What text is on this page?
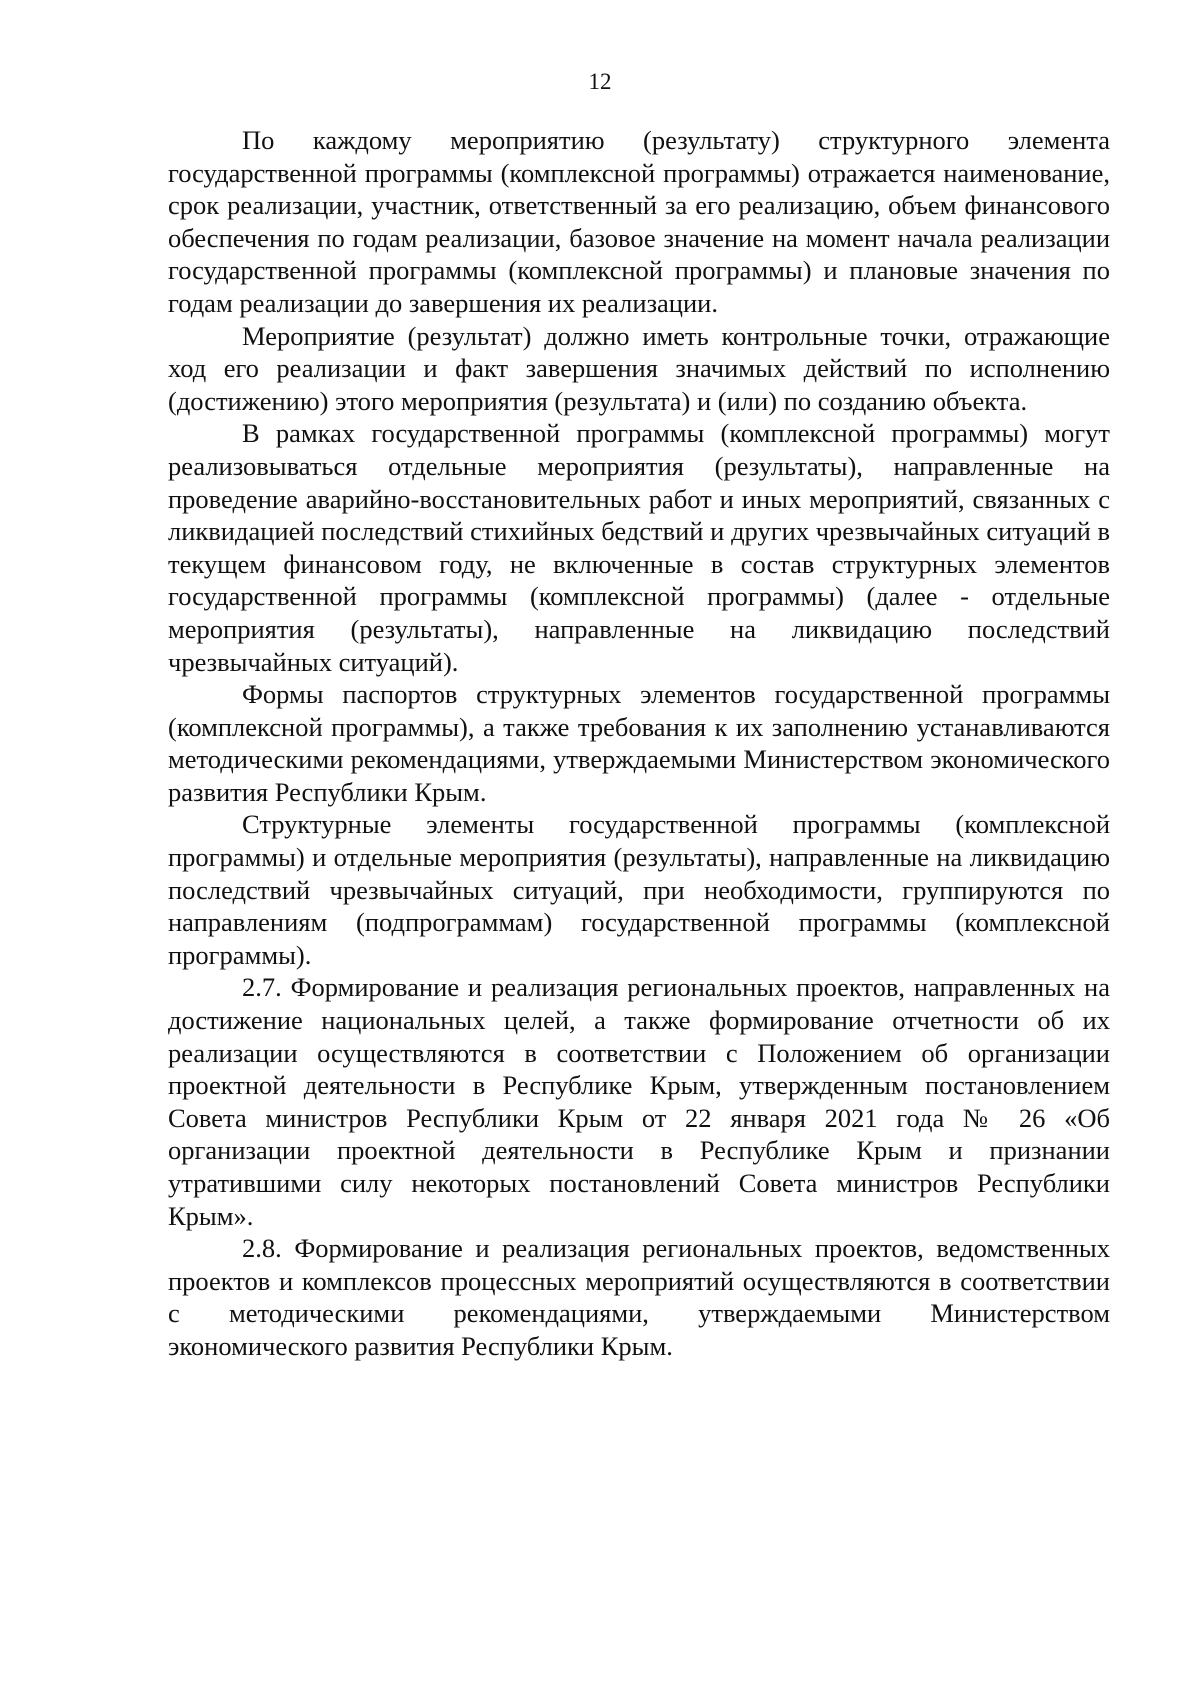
12

По каждому мероприятию (результату) структурного элемента государственной программы (комплексной программы) отражается наименование, срок реализации, участник, ответственный за его реализацию, объем финансового обеспечения по годам реализации, базовое значение на момент начала реализации государственной программы (комплексной программы) и плановые значения по годам реализации до завершения их реализации.

Мероприятие (результат) должно иметь контрольные точки, отражающие ход его реализации и факт завершения значимых действий по исполнению (достижению) этого мероприятия (результата) и (или) по созданию объекта.

В рамках государственной программы (комплексной программы) могут реализовываться отдельные мероприятия (результаты), направленные на проведение аварийно-восстановительных работ и иных мероприятий, связанных с ликвидацией последствий стихийных бедствий и других чрезвычайных ситуаций в текущем финансовом году, не включенные в состав структурных элементов государственной программы (комплексной программы) (далее - отдельные мероприятия (результаты), направленные на ликвидацию последствий чрезвычайных ситуаций).

Формы паспортов структурных элементов государственной программы (комплексной программы), а также требования к их заполнению устанавливаются методическими рекомендациями, утверждаемыми Министерством экономического развития Республики Крым.

Структурные элементы государственной программы (комплексной программы) и отдельные мероприятия (результаты), направленные на ликвидацию последствий чрезвычайных ситуаций, при необходимости, группируются по направлениям (подпрограммам) государственной программы (комплексной программы).

2.7. Формирование и реализация региональных проектов, направленных на достижение национальных целей, а также формирование отчетности об их реализации осуществляются в соответствии с Положением об организации проектной деятельности в Республике Крым, утвержденным постановлением Совета министров Республики Крым от 22 января 2021 года № 26 «Об организации проектной деятельности в Республике Крым и признании утратившими силу некоторых постановлений Совета министров Республики Крым».

2.8. Формирование и реализация региональных проектов, ведомственных проектов и комплексов процессных мероприятий осуществляются в соответствии с методическими рекомендациями, утверждаемыми Министерством экономического развития Республики Крым.
